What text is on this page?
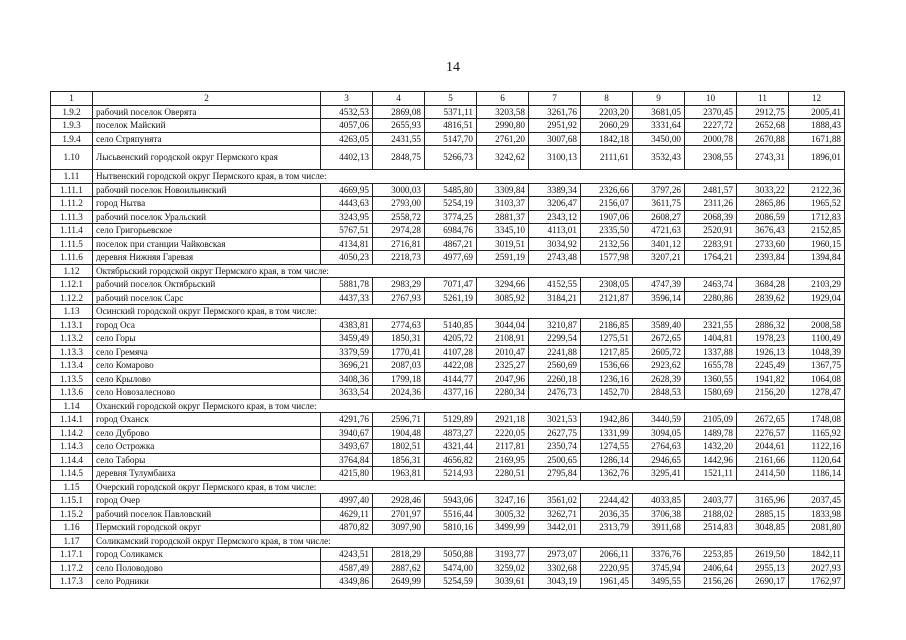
14
1	2	3	4	5	6	7	8	9	10	11	12
1.9.2	рабочий поселок Оверята	4532,53	2869,08	5371,11	3203,58	3261,76	2203,20	3681,05	2370,45	2912,75	2005,41
1.9.3	поселок Майский	4057,06	2655,93	4816,51	2990,80	2951,92	2060,29	3331,64	2227,72	2652,68	1888,43
1.9.4	село Стряпунята	4263,05	2431,55	5147,70	2761,20	3007,68	1842,18	3450,00	2000,78	2670,88	1671,88
1.10	Лысьвенский городской округ Пермского края	4402,13	2848,75	5266,73	3242,62	3100,13	2111,61	3532,43	2308,55	2743,31	1896,01
1.11	Нытвенский городской округ Пермского края, в том числе:										
1.11.1	рабочий поселок Новоильинский	4669,95	3000,03	5485,80	3309,84	3389,34	2326,66	3797,26	2481,57	3033,22	2122,36
1.11.2	город Нытва	4443,63	2793,00	5254,19	3103,37	3206,47	2156,07	3611,75	2311,26	2865,86	1965,52
1.11.3	рабочий поселок Уральский	3243,95	2558,72	3774,25	2881,37	2343,12	1907,06	2608,27	2068,39	2086,59	1712,83
1.11.4	село Григорьевское	5767,51	2974,28	6984,76	3345,10	4113,01	2335,50	4721,63	2520,91	3676,43	2152,85
1.11.5	поселок при станции Чайковская	4134,81	2716,81	4867,21	3019,51	3034,92	2132,56	3401,12	2283,91	2733,60	1960,15
1.11.6	деревня Нижняя Гаревая	4050,23	2218,73	4977,69	2591,19	2743,48	1577,98	3207,21	1764,21	2393,84	1394,84
1.12	Октябрьский городской округ Пермского края, в том числе:										
1.12.1	рабочий поселок Октябрьский	5881,78	2983,29	7071,47	3294,66	4152,55	2308,05	4747,39	2463,74	3684,28	2103,29
1.12.2	рабочий поселок Сарс	4437,33	2767,93	5261,19	3085,92	3184,21	2121,87	3596,14	2280,86	2839,62	1929,04
1.13	Осинский городской округ Пермского края, в том числе:										
1.13.1	город Оса	4383,81	2774,63	5140,85	3044,04	3210,87	2186,85	3589,40	2321,55	2886,32	2008,58
1.13.2	село Горы	3459,49	1850,31	4205,72	2108,91	2299,54	1275,51	2672,65	1404,81	1978,23	1100,49
1.13.3	село Гремяча	3379,59	1770,41	4107,28	2010,47	2241,88	1217,85	2605,72	1337,88	1926,13	1048,39
1.13.4	село Комарово	3696,21	2087,03	4422,08	2325,27	2560,69	1536,66	2923,62	1655,78	2245,49	1367,75
1.13.5	село Крылово	3408,36	1799,18	4144,77	2047,96	2260,18	1236,16	2628,39	1360,55	1941,82	1064,08
1.13.6	село Новозалесново	3633,54	2024,36	4377,16	2280,34	2476,73	1452,70	2848,53	1580,69	2156,20	1278,47
1.14	Оханский городской округ Пермского края, в том числе:										
1.14.1	город Оханск	4291,76	2596,71	5129,89	2921,18	3021,53	1942,86	3440,59	2105,09	2672,65	1748,08
1.14.2	село Дуброво	3940,67	1904,48	4873,27	2220,05	2627,75	1331,99	3094,05	1489,78	2276,57	1165,92
1.14.3	село Острожка	3493,67	1802,51	4321,44	2117,81	2350,74	1274,55	2764,63	1432,20	2044,61	1122,16
1.14.4	село Таборы	3764,84	1856,31	4656,82	2169,95	2500,65	1286,14	2946,65	1442,96	2161,66	1120,64
1.14.5	деревня Тулумбаиха	4215,80	1963,81	5214,93	2280,51	2795,84	1362,76	3295,41	1521,11	2414,50	1186,14
1.15	Очерский городской округ Пермского края, в том числе:										
1.15.1	город Очер	4997,40	2928,46	5943,06	3247,16	3561,02	2244,42	4033,85	2403,77	3165,96	2037,45
1.15.2	рабочий поселок Павловский	4629,11	2701,97	5516,44	3005,32	3262,71	2036,35	3706,38	2188,02	2885,15	1833,98
1.16	Пермский городской округ	4870,82	3097,90	5810,16	3499,99	3442,01	2313,79	3911,68	2514,83	3048,85	2081,80
1.17	Соликамский городской округ Пермского края, в том числе:										
1.17.1	город Соликамск	4243,51	2818,29	5050,88	3193,77	2973,07	2066,11	3376,76	2253,85	2619,50	1842,11
1.17.2	село Половодово	4587,49	2887,62	5474,00	3259,02	3302,68	2220,95	3745,94	2406,64	2955,13	2027,93
1.17.3	село Родники	4349,86	2649,99	5254,59	3039,61	3043,19	1961,45	3495,55	2156,26	2690,17	1762,97
